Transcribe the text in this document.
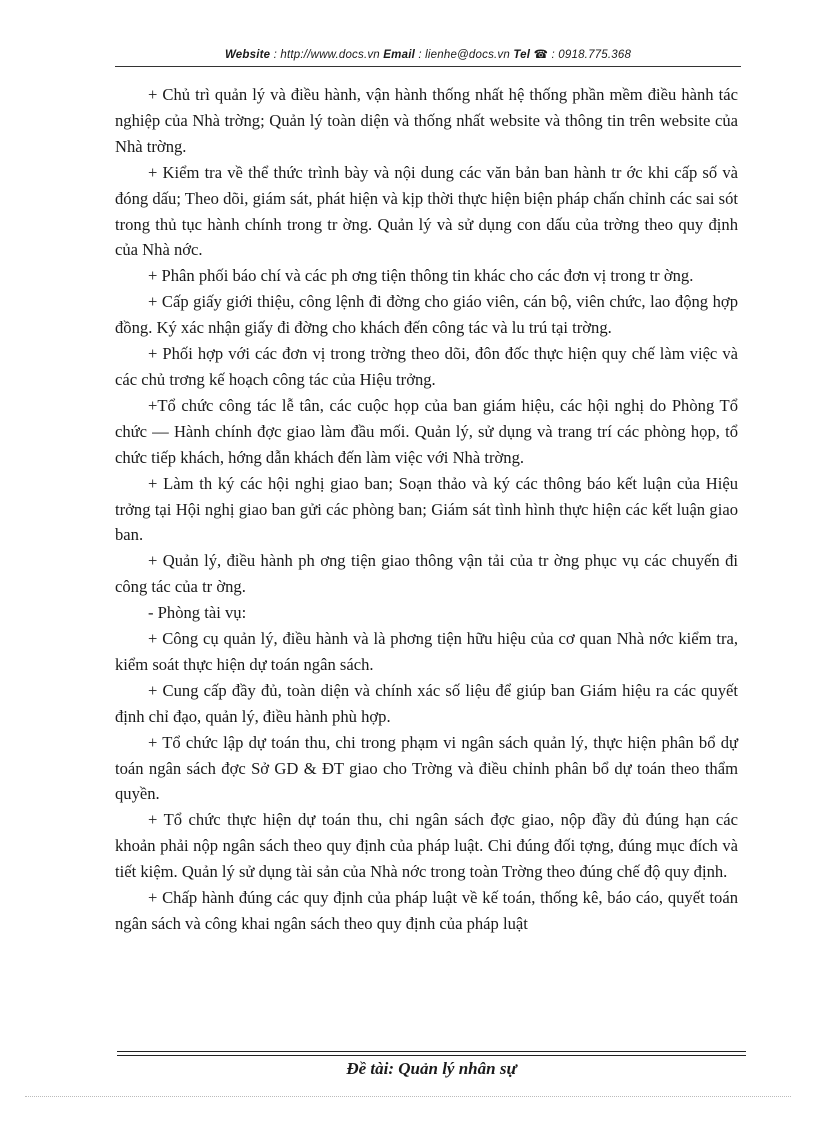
Website : http://www.docs.vn Email : lienhe@docs.vn Tel ☎ : 0918.775.368

+ Chủ trì quản lý và điều hành, vận hành thống nhất hệ thống phần mềm điều hành tác nghiệp của Nhà trờng; Quản lý toàn diện và thống nhất website và thông tin trên website của Nhà trờng.

+ Kiểm tra về thể thức trình bày và nội dung các văn bản ban hành tr ớc khi cấp số và đóng dấu; Theo dõi, giám sát, phát hiện và kịp thời thực hiện biện pháp chấn chỉnh các sai sót trong thủ tục hành chính trong tr ờng. Quản lý và sử dụng con dấu của trờng theo quy định của Nhà nớc.

+ Phân phối báo chí và các ph ơng tiện thông tin khác cho các đơn vị trong tr ờng.

+ Cấp giấy giới thiệu, công lệnh đi đờng cho giáo viên, cán bộ, viên chức, lao động hợp đồng. Ký xác nhận giấy đi đờng cho khách đến công tác và lu trú tại trờng.

+ Phối hợp với các đơn vị trong trờng theo dõi, đôn đốc thực hiện quy chế làm việc và các chủ trơng kế hoạch công tác của Hiệu trởng.

+Tổ chức công tác lễ tân, các cuộc họp của ban giám hiệu, các hội nghị do Phòng Tổ chức — Hành chính đợc giao làm đầu mối. Quản lý, sử dụng và trang trí các phòng họp, tổ chức tiếp khách, hớng dẫn khách đến làm việc với Nhà trờng.

+ Làm th ký các hội nghị giao ban; Soạn thảo và ký các thông báo kết luận của Hiệu trởng tại Hội nghị giao ban gửi các phòng ban; Giám sát tình hình thực hiện các kết luận giao ban.

+ Quản lý, điều hành ph ơng tiện giao thông vận tải của tr ờng phục vụ các chuyến đi công tác của tr ờng.

- Phòng tài vụ:

+ Công cụ quản lý, điều hành và là phơng tiện hữu hiệu của cơ quan Nhà nớc kiểm tra, kiểm soát thực hiện dự toán ngân sách.

+ Cung cấp đầy đủ, toàn diện và chính xác số liệu để giúp ban Giám hiệu ra các quyết định chỉ đạo, quản lý, điều hành phù hợp.

+ Tổ chức lập dự toán thu, chi trong phạm vi ngân sách quản lý, thực hiện phân bổ dự toán ngân sách đợc Sở GD & ĐT giao cho Trờng và điều chỉnh phân bổ dự toán theo thẩm quyền.

+ Tổ chức thực hiện dự toán thu, chi ngân sách đợc giao, nộp đầy đủ đúng hạn các khoản phải nộp ngân sách theo quy định của pháp luật. Chi đúng đối tợng, đúng mục đích và tiết kiệm. Quản lý sử dụng tài sản của Nhà nớc trong toàn Trờng theo đúng chế độ quy định.

+ Chấp hành đúng các quy định của pháp luật về kế toán, thống kê, báo cáo, quyết toán ngân sách và công khai ngân sách theo quy định của pháp luật

Đề tài: Quản lý nhân sự
